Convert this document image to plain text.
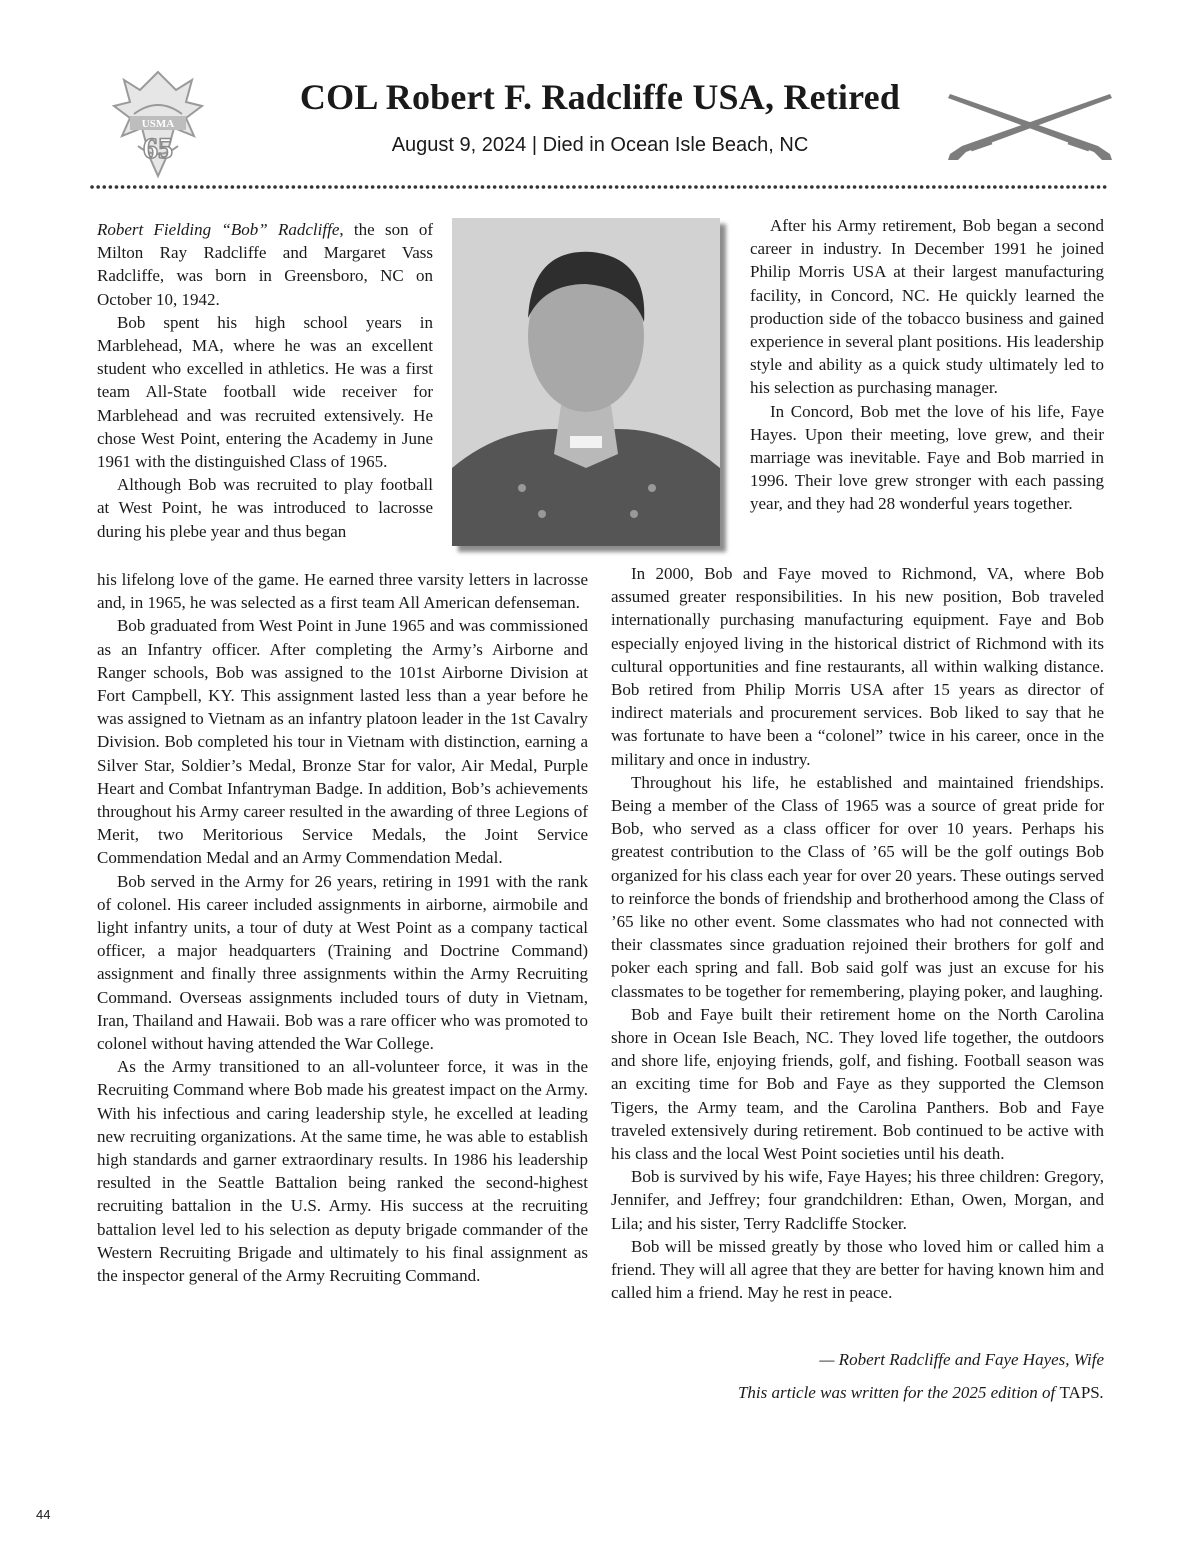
USMA
65
COL Robert F. Radcliffe USA, Retired
August 9, 2024 | Died in Ocean Isle Beach, NC

Robert Fielding “Bob” Radcliffe, the son of Milton Ray Radcliffe and Margaret Vass Radcliffe, was born in Greensboro, NC on October 10, 1942.

Bob spent his high school years in Marblehead, MA, where he was an excellent student who excelled in athletics. He was a first team All-State football wide receiver for Marblehead and was recruited extensively. He chose West Point, entering the Academy in June 1961 with the distinguished Class of 1965.

Although Bob was recruited to play football at West Point, he was introduced to lacrosse during his plebe year and thus began

his lifelong love of the game. He earned three varsity letters in lacrosse and, in 1965, he was selected as a first team All American defenseman.

Bob graduated from West Point in June 1965 and was commissioned as an Infantry officer. After completing the Army’s Airborne and Ranger schools, Bob was assigned to the 101st Airborne Division at Fort Campbell, KY. This assignment lasted less than a year before he was assigned to Vietnam as an infantry platoon leader in the 1st Cavalry Division. Bob completed his tour in Vietnam with distinction, earning a Silver Star, Soldier’s Medal, Bronze Star for valor, Air Medal, Purple Heart and Combat Infantryman Badge. In addition, Bob’s achievements throughout his Army career resulted in the awarding of three Legions of Merit, two Meritorious Service Medals, the Joint Service Commendation Medal and an Army Commendation Medal.

Bob served in the Army for 26 years, retiring in 1991 with the rank of colonel. His career included assignments in airborne, airmobile and light infantry units, a tour of duty at West Point as a company tactical officer, a major headquarters (Training and Doctrine Command) assignment and finally three assignments within the Army Recruiting Command. Overseas assignments included tours of duty in Vietnam, Iran, Thailand and Hawaii. Bob was a rare officer who was promoted to colonel without having attended the War College.

As the Army transitioned to an all-volunteer force, it was in the Recruiting Command where Bob made his greatest impact on the Army. With his infectious and caring leadership style, he excelled at leading new recruiting organizations. At the same time, he was able to establish high standards and garner extraordinary results. In 1986 his leadership resulted in the Seattle Battalion being ranked the second-highest recruiting battalion in the U.S. Army. His success at the recruiting battalion level led to his selection as deputy brigade commander of the Western Recruiting Brigade and ultimately to his final assignment as the inspector general of the Army Recruiting Command.

After his Army retirement, Bob began a second career in industry. In December 1991 he joined Philip Morris USA at their largest manufacturing facility, in Concord, NC. He quickly learned the production side of the tobacco business and gained experience in several plant positions. His leadership style and ability as a quick study ultimately led to his selection as purchasing manager.

In Concord, Bob met the love of his life, Faye Hayes. Upon their meeting, love grew, and their marriage was inevitable. Faye and Bob married in 1996. Their love grew stronger with each passing year, and they had 28 wonderful years together.

In 2000, Bob and Faye moved to Richmond, VA, where Bob assumed greater responsibilities. In his new position, Bob traveled internationally purchasing manufacturing equipment. Faye and Bob especially enjoyed living in the historical district of Richmond with its cultural opportunities and fine restaurants, all within walking distance. Bob retired from Philip Morris USA after 15 years as director of indirect materials and procurement services. Bob liked to say that he was fortunate to have been a “colonel” twice in his career, once in the military and once in industry.

Throughout his life, he established and maintained friendships. Being a member of the Class of 1965 was a source of great pride for Bob, who served as a class officer for over 10 years. Perhaps his greatest contribution to the Class of ’65 will be the golf outings Bob organized for his class each year for over 20 years. These outings served to reinforce the bonds of friendship and brotherhood among the Class of ’65 like no other event. Some classmates who had not connected with their classmates since graduation rejoined their brothers for golf and poker each spring and fall. Bob said golf was just an excuse for his classmates to be together for remembering, playing poker, and laughing.

Bob and Faye built their retirement home on the North Carolina shore in Ocean Isle Beach, NC. They loved life together, the outdoors and shore life, enjoying friends, golf, and fishing. Football season was an exciting time for Bob and Faye as they supported the Clemson Tigers, the Army team, and the Carolina Panthers. Bob and Faye traveled extensively during retirement. Bob continued to be active with his class and the local West Point societies until his death.

Bob is survived by his wife, Faye Hayes; his three children: Gregory, Jennifer, and Jeffrey; four grandchildren: Ethan, Owen, Morgan, and Lila; and his sister, Terry Radcliffe Stocker.

Bob will be missed greatly by those who loved him or called him a friend. They will all agree that they are better for having known him and called him a friend. May he rest in peace.

— Robert Radcliffe and Faye Hayes, Wife
This article was written for the 2025 edition of TAPS.
44
